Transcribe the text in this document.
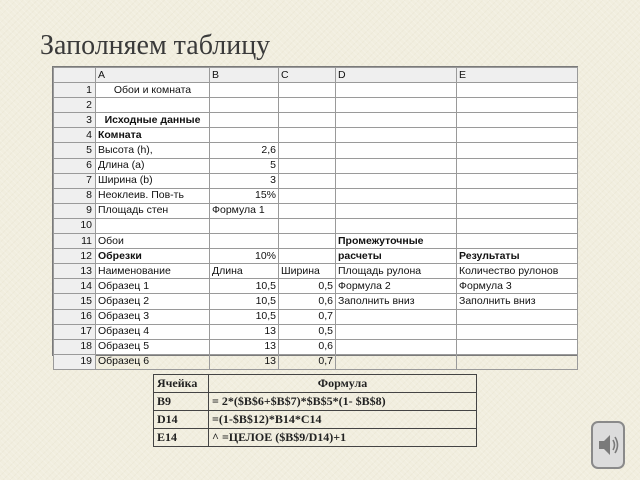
Заполняем таблицу
	A	B	C	D	E
1	Обои и комната				
2					
3	Исходные данные				
4	Комната				
5	Высота (h),	2,6			
6	Длина (a)	5			
7	Ширина (b)	3			
8	Неоклеив. Пов-ть	15%			
9	Площадь стен	Формула 1			
10					
11	Обои			Промежуточные	
12	Обрезки	10%		расчеты	Результаты
13	Наименование	Длина	Ширина	Площадь рулона	Количество рулонов
14	Образец 1	10,5	0,5	Формула 2	Формула 3
15	Образец 2	10,5	0,6	Заполнить вниз	Заполнить вниз
16	Образец 3	10,5	0,7		
17	Образец 4	13	0,5		
18	Образец 5	13	0,6		
19	Образец 6	13	0,7		
Ячейка	Формула
B9	= 2*($B$6+$B$7)*$B$5*(1- $B$8)
D14	=(1-$B$12)*B14*C14
E14	^ =ЦЕЛОЕ ($B$9/D14)+1
